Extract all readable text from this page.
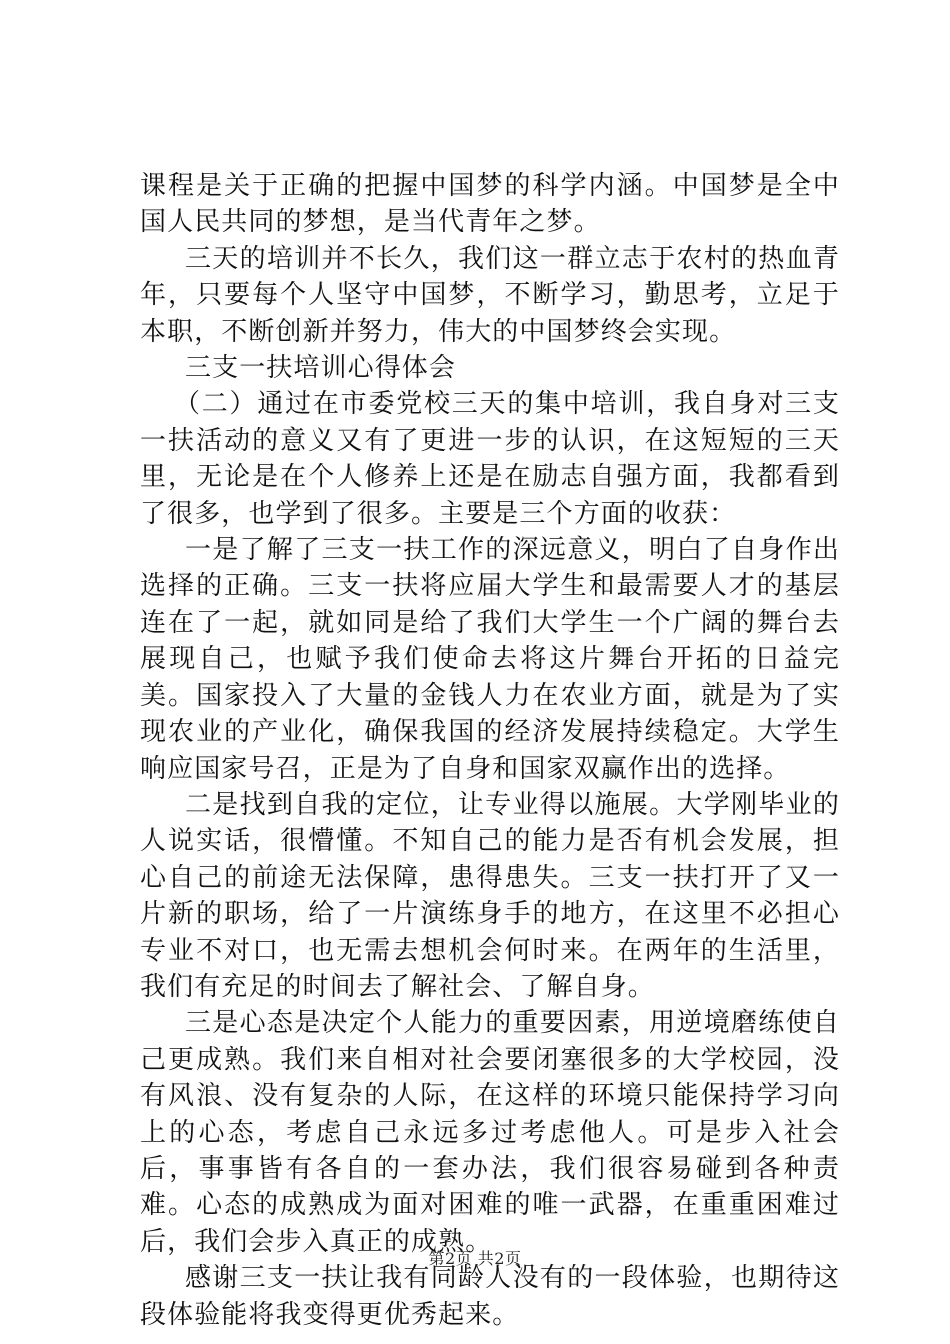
课程是关于正确的把握中国梦的科学内涵。中国梦是全中国人民共同的梦想，是当代青年之梦。

三天的培训并不长久，我们这一群立志于农村的热血青年，只要每个人坚守中国梦，不断学习，勤思考，立足于本职，不断创新并努力，伟大的中国梦终会实现。

三支一扶培训心得体会

（二）通过在市委党校三天的集中培训，我自身对三支一扶活动的意义又有了更进一步的认识，在这短短的三天里，无论是在个人修养上还是在励志自强方面，我都看到了很多，也学到了很多。主要是三个方面的收获：

一是了解了三支一扶工作的深远意义，明白了自身作出选择的正确。三支一扶将应届大学生和最需要人才的基层连在了一起，就如同是给了我们大学生一个广阔的舞台去展现自己，也赋予我们使命去将这片舞台开拓的日益完美。国家投入了大量的金钱人力在农业方面，就是为了实现农业的产业化，确保我国的经济发展持续稳定。大学生响应国家号召，正是为了自身和国家双赢作出的选择。

二是找到自我的定位，让专业得以施展。大学刚毕业的人说实话，很懵懂。不知自己的能力是否有机会发展，担心自己的前途无法保障，患得患失。三支一扶打开了又一片新的职场，给了一片演练身手的地方，在这里不必担心专业不对口，也无需去想机会何时来。在两年的生活里，我们有充足的时间去了解社会、了解自身。

三是心态是决定个人能力的重要因素，用逆境磨练使自己更成熟。我们来自相对社会要闭塞很多的大学校园，没有风浪、没有复杂的人际，在这样的环境只能保持学习向上的心态，考虑自己永远多过考虑他人。可是步入社会后，事事皆有各自的一套办法，我们很容易碰到各种责难。心态的成熟成为面对困难的唯一武器，在重重困难过后，我们会步入真正的成熟。

感谢三支一扶让我有同龄人没有的一段体验，也期待这段体验能将我变得更优秀起来。

第2页 共2页
